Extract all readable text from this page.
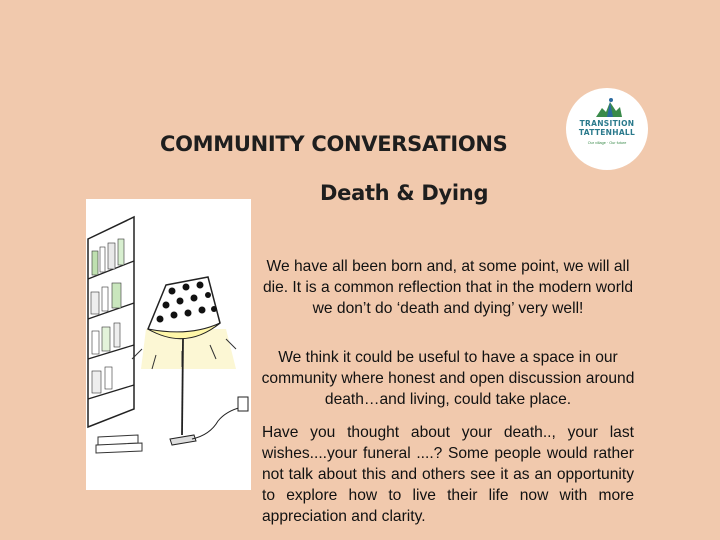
TRANSITION
TATTENHALL
Our village · Our future
COMMUNITY CONVERSATIONS
Death & Dying

We have all been born and, at some point, we will all die. It is a common reflection that in the modern world we don’t do ‘death and dying’ very well!

We think it could be useful to have a space in our community where honest and open discussion around death…and living, could take place.

Have you thought about your death.., your last wishes....your funeral ....? Some people would rather not talk about this and others see it as an opportunity to explore how to live their life now with more appreciation and clarity.
